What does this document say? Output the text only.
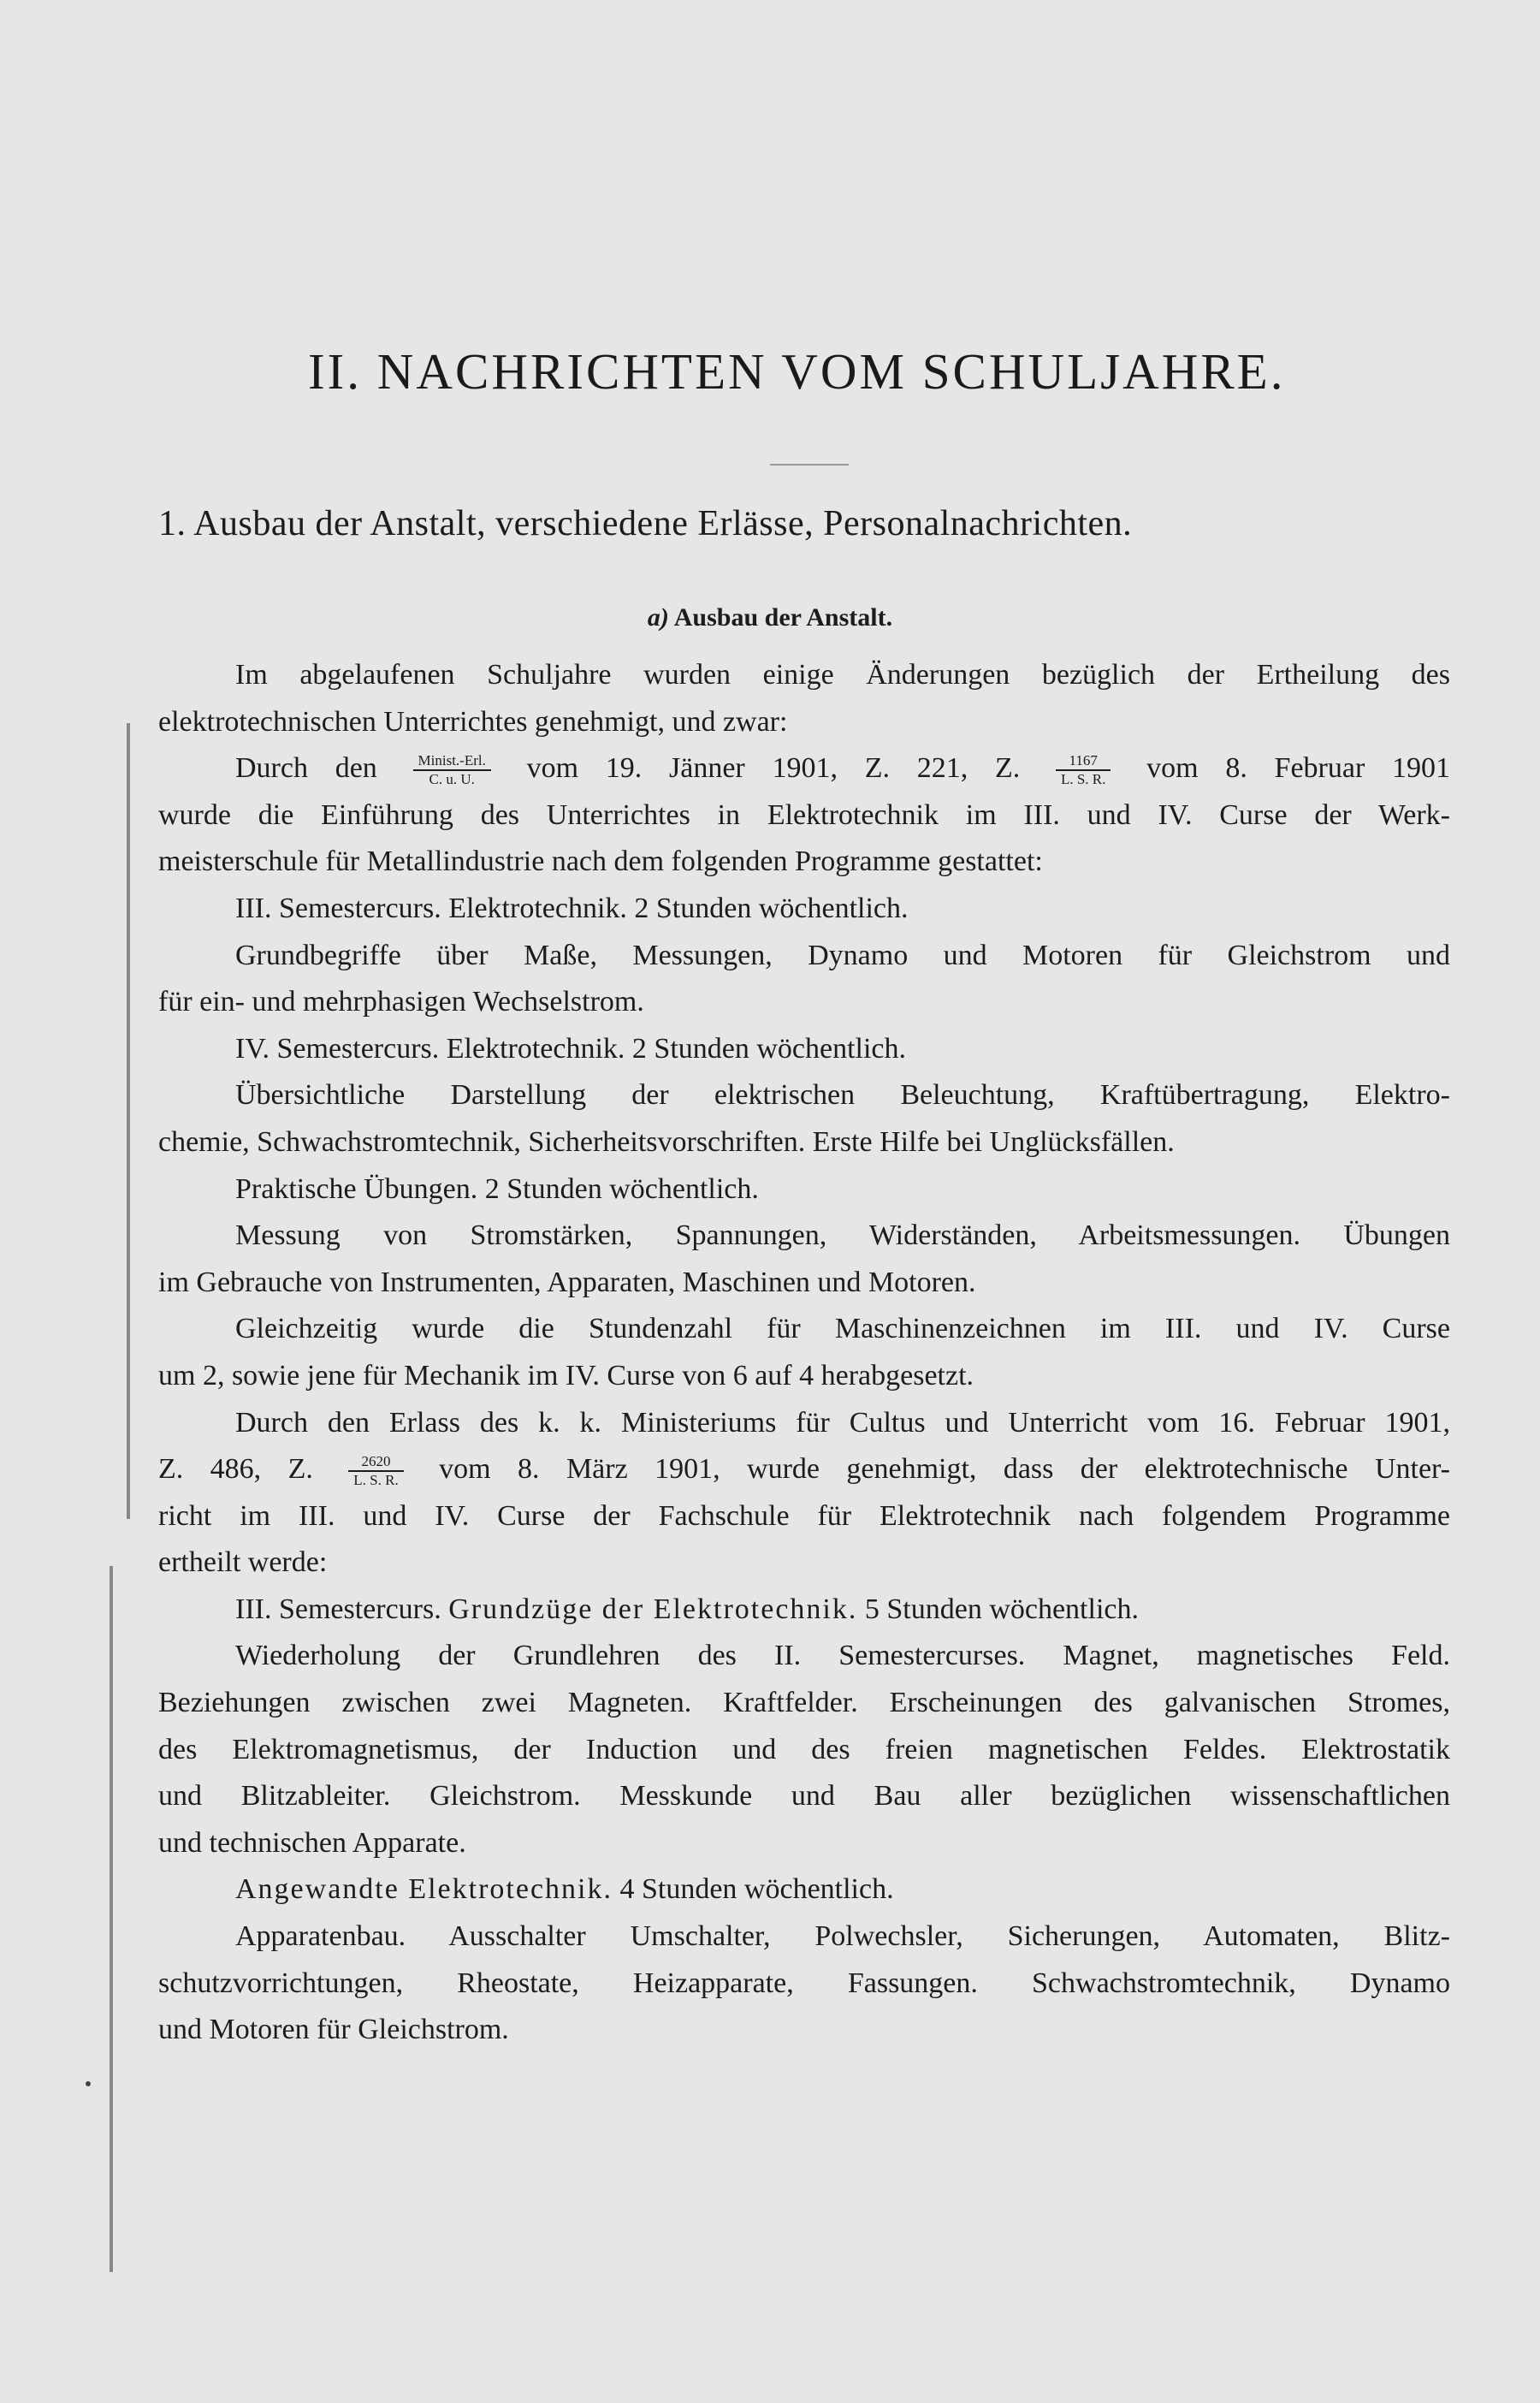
II. NACHRICHTEN VOM SCHULJAHRE.
1. Ausbau der Anstalt, verschiedene Erlässe, Personalnachrichten.
a) Ausbau der Anstalt.
Im abgelaufenen Schuljahre wurden einige Änderungen bezüglich der Ertheilung des
elektrotechnischen Unterrichtes genehmigt, und zwar:
Durch den $\frac{\text{Minist.-Erl.}}{C. u. U.}$ vom 19. Jänner 1901, Z. 221, Z. $\frac{1167}{L. S. R.}$ vom 8. Februar 1901
wurde die Einführung des Unterrichtes in Elektrotechnik im III. und IV. Curse der Werk-
meisterschule für Metallindustrie nach dem folgenden Programme gestattet:
III. Semestercurs. Elektrotechnik. 2 Stunden wöchentlich.
Grundbegriffe über Maße, Messungen, Dynamo und Motoren für Gleichstrom und
für ein- und mehrphasigen Wechselstrom.
IV. Semestercurs. Elektrotechnik. 2 Stunden wöchentlich.
Übersichtliche Darstellung der elektrischen Beleuchtung, Kraftübertragung, Elektro-
chemie, Schwachstromtechnik, Sicherheitsvorschriften. Erste Hilfe bei Unglücksfällen.
Praktische Übungen. 2 Stunden wöchentlich.
Messung von Stromstärken, Spannungen, Widerständen, Arbeitsmessungen. Übungen
im Gebrauche von Instrumenten, Apparaten, Maschinen und Motoren.
Gleichzeitig wurde die Stundenzahl für Maschinenzeichnen im III. und IV. Curse
um 2, sowie jene für Mechanik im IV. Curse von 6 auf 4 herabgesetzt.
Durch den Erlass des k. k. Ministeriums für Cultus und Unterricht vom 16. Februar 1901,
Z. 486, Z. $\frac{2620}{L. S. R.}$ vom 8. März 1901, wurde genehmigt, dass der elektrotechnische Unter-
richt im III. und IV. Curse der Fachschule für Elektrotechnik nach folgendem Programme
ertheilt werde:
III. Semestercurs. Grundzüge der Elektrotechnik. 5 Stunden wöchentlich.
Wiederholung der Grundlehren des II. Semestercurses. Magnet, magnetisches Feld.
Beziehungen zwischen zwei Magneten. Kraftfelder. Erscheinungen des galvanischen Stromes,
des Elektromagnetismus, der Induction und des freien magnetischen Feldes. Elektrostatik
und Blitzableiter. Gleichstrom. Messkunde und Bau aller bezüglichen wissenschaftlichen
und technischen Apparate.
Angewandte Elektrotechnik. 4 Stunden wöchentlich.
Apparatenbau. Ausschalter Umschalter, Polwechsler, Sicherungen, Automaten, Blitz-
schutzvorrichtungen, Rheostate, Heizapparate, Fassungen. Schwachstromtechnik, Dynamo
und Motoren für Gleichstrom.
